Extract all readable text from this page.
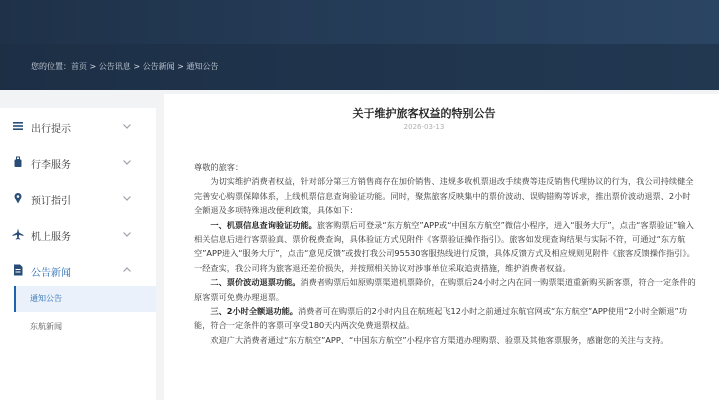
您的位置：首页 > 公告讯息 > 公告新闻 > 通知公告
出行提示
行李服务
预订指引
机上服务
公告新闻
通知公告
东航新闻
关于维护旅客权益的特别公告
2026-03-13

尊敬的旅客：

为切实维护消费者权益，针对部分第三方销售商存在加价销售、违规多收机票退改手续费等违反销售代理协议的行为，我公司持续健全完善安心购票保障体系，上线机票信息查询验证功能。同时，聚焦旅客反映集中的票价波动、误购错购等诉求，推出票价波动退票、2小时全额退及多项特殊退改便利政策，具体如下：

一、机票信息查询验证功能。旅客购票后可登录“东方航空”APP或“中国东方航空”微信小程序，进入“服务大厅”，点击“客票验证”输入相关信息后进行客票验真、票价税费查询，具体验证方式见附件《客票验证操作指引》。旅客如发现查询结果与实际不符，可通过“东方航空”APP进入“服务大厅”，点击“意见反馈”或拨打我公司95530客服热线进行反馈，具体反馈方式及相应规则见附件《旅客反馈操作指引》。一经查实，我公司将为旅客退还差价损失，并按照相关协议对涉事单位采取追责措施，维护消费者权益。

二、票价波动退票功能。消费者购票后如原购票渠道机票降价，在购票后24小时之内在同一购票渠道重新购买新客票，符合一定条件的原客票可免费办理退票。

三、2小时全额退功能。消费者可在购票后的2小时内且在航班起飞12小时之前通过东航官网或“东方航空”APP使用“2小时全额退”功能，符合一定条件的客票可享受180天内两次免费退票权益。

欢迎广大消费者通过“东方航空”APP、“中国东方航空”小程序官方渠道办理购票、验票及其他客票服务，感谢您的关注与支持。
